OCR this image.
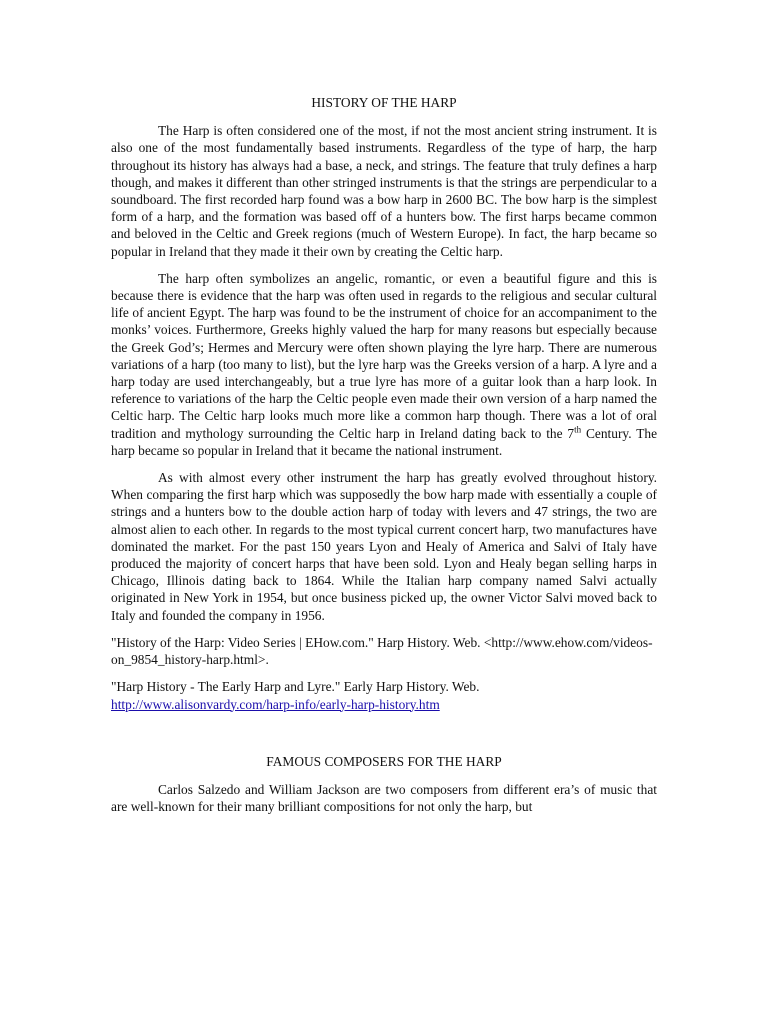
HISTORY OF THE HARP

The Harp is often considered one of the most, if not the most ancient string instrument. It is also one of the most fundamentally based instruments. Regardless of the type of harp, the harp throughout its history has always had a base, a neck, and strings. The feature that truly defines a harp though, and makes it different than other stringed instruments is that the strings are perpendicular to a soundboard. The first recorded harp found was a bow harp in 2600 BC. The bow harp is the simplest form of a harp, and the formation was based off of a hunters bow. The first harps became common and beloved in the Celtic and Greek regions (much of Western Europe). In fact, the harp became so popular in Ireland that they made it their own by creating the Celtic harp.

The harp often symbolizes an angelic, romantic, or even a beautiful figure and this is because there is evidence that the harp was often used in regards to the religious and secular cultural life of ancient Egypt. The harp was found to be the instrument of choice for an accompaniment to the monks’ voices. Furthermore, Greeks highly valued the harp for many reasons but especially because the Greek God’s; Hermes and Mercury were often shown playing the lyre harp. There are numerous variations of a harp (too many to list), but the lyre harp was the Greeks version of a harp. A lyre and a harp today are used interchangeably, but a true lyre has more of a guitar look than a harp look. In reference to variations of the harp the Celtic people even made their own version of a harp named the Celtic harp. The Celtic harp looks much more like a common harp though. There was a lot of oral tradition and mythology surrounding the Celtic harp in Ireland dating back to the 7th Century. The harp became so popular in Ireland that it became the national instrument.

As with almost every other instrument the harp has greatly evolved throughout history. When comparing the first harp which was supposedly the bow harp made with essentially a couple of strings and a hunters bow to the double action harp of today with levers and 47 strings, the two are almost alien to each other. In regards to the most typical current concert harp, two manufactures have dominated the market. For the past 150 years Lyon and Healy of America and Salvi of Italy have produced the majority of concert harps that have been sold. Lyon and Healy began selling harps in Chicago, Illinois dating back to 1864. While the Italian harp company named Salvi actually originated in New York in 1954, but once business picked up, the owner Victor Salvi moved back to Italy and founded the company in 1956.

"History of the Harp: Video Series | EHow.com." Harp History. Web. <http://www.ehow.com/videos-on_9854_history-harp.html>.

"Harp History - The Early Harp and Lyre." Early Harp History. Web.
http://www.alisonvardy.com/harp-info/early-harp-history.htm

FAMOUS COMPOSERS FOR THE HARP

Carlos Salzedo and William Jackson are two composers from different era’s of music that are well-known for their many brilliant compositions for not only the harp, but
